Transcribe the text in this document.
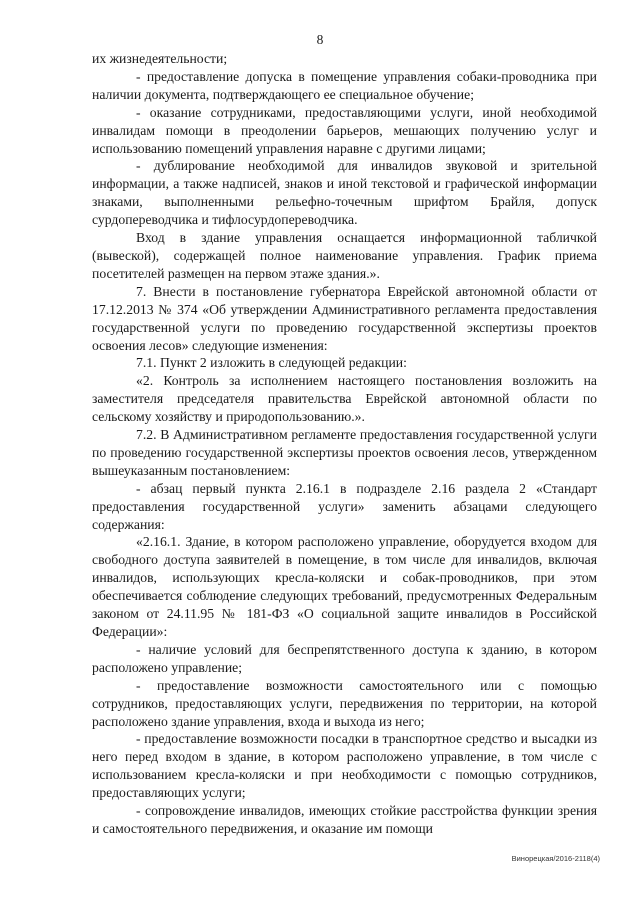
8

их жизнедеятельности;

- предоставление допуска в помещение управления собаки-проводника при наличии документа, подтверждающего ее специальное обучение;

- оказание сотрудниками, предоставляющими услуги, иной необходимой инвалидам помощи в преодолении барьеров, мешающих получению услуг и использованию помещений управления наравне с другими лицами;

- дублирование необходимой для инвалидов звуковой и зрительной информации, а также надписей, знаков и иной текстовой и графической информации знаками, выполненными рельефно-точечным шрифтом Брайля, допуск сурдопереводчика и тифлосурдопереводчика.

Вход в здание управления оснащается информационной табличкой (вывеской), содержащей полное наименование управления. График приема посетителей размещен на первом этаже здания.».

7. Внести в постановление губернатора Еврейской автономной области от 17.12.2013 № 374 «Об утверждении Административного регламента предоставления государственной услуги по проведению государственной экспертизы проектов освоения лесов» следующие изменения:

7.1. Пункт 2 изложить в следующей редакции:

«2. Контроль за исполнением настоящего постановления возложить на заместителя председателя правительства Еврейской автономной области по сельскому хозяйству и природопользованию.».

7.2. В Административном регламенте предоставления государственной услуги по проведению государственной экспертизы проектов освоения лесов, утвержденном вышеуказанным постановлением:

- абзац первый пункта 2.16.1 в подразделе 2.16 раздела 2 «Стандарт предоставления государственной услуги» заменить абзацами следующего содержания:

«2.16.1. Здание, в котором расположено управление, оборудуется входом для свободного доступа заявителей в помещение, в том числе для инвалидов, включая инвалидов, использующих кресла-коляски и собак-проводников, при этом обеспечивается соблюдение следующих требований, предусмотренных Федеральным законом от 24.11.95 № 181-ФЗ «О социальной защите инвалидов в Российской Федерации»:

- наличие условий для беспрепятственного доступа к зданию, в котором расположено управление;

- предоставление возможности самостоятельного или с помощью сотрудников, предоставляющих услуги, передвижения по территории, на которой расположено здание управления, входа и выхода из него;

- предоставление возможности посадки в транспортное средство и высадки из него перед входом в здание, в котором расположено управление, в том числе с использованием кресла-коляски и при необходимости с помощью сотрудников, предоставляющих услуги;

- сопровождение инвалидов, имеющих стойкие расстройства функции зрения и самостоятельного передвижения, и оказание им помощи

Винорецкая/2016-2118(4)
